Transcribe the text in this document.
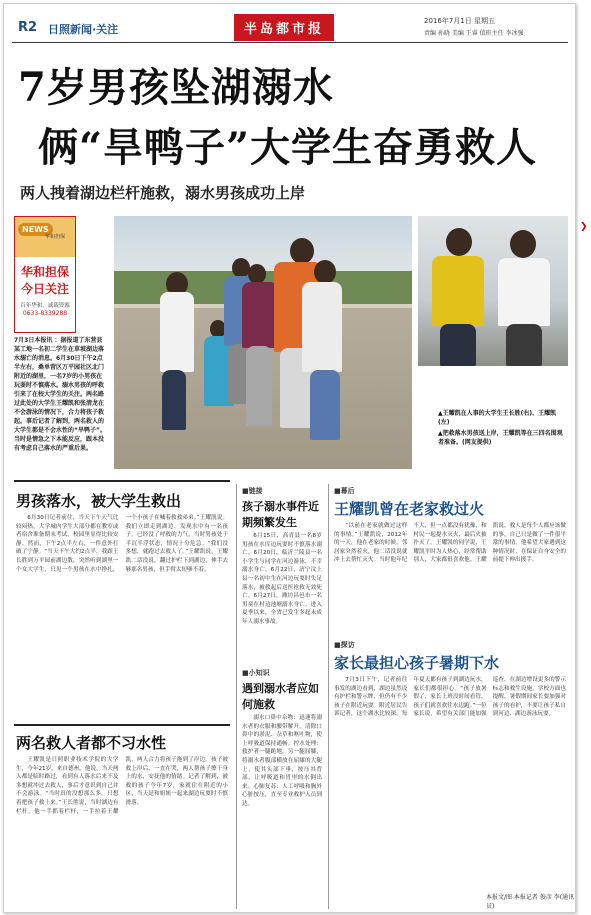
R2 日照新闻·关注	半岛都市报
2016年7月1日 星期五
责编 孙晓 美编 王睿 值班主任 李冰强
7岁男孩坠湖溺水
俩“旱鸭子”大学生奋勇救人
两人拽着湖边栏杆施救，溺水男孩成功上岸
NEWS
华和担保
华和担保
今日关注
百年华和，诚载资源
0633-8339288
7月3日本报讯 ：据报道了东营县某工地一名初二学生在草坡湖边落水溺亡的消息。6月30日下午2点半左右，桑单营区万平园社区北门附近的湖里，一名7岁的小男孩在玩耍时不慎落水。溺水男孩的呼救引来了在校大学生的关注。两名路过此处的大学生王耀凯和张清龙在不会游泳的情况下，合力将孩子救起。事后记者了解到，两名救人的大学生都是不会水性的“旱鸭子”。当时是情急之下本能反应，跟本没有考虑自己落水的严重后果。
▲王耀凯在人事的大学生王长胜(右)、王耀凯(左)
▲把救落水男孩送上岸，王耀凯等在三四名围观者准备。(网友提供)
男孩落水，被大学生救出

6月30日记者前往，当天下午天气比较闷热，大学城内学生大部分都在教室或者宿舍准备期末考试，校园里显得比较安静。然而，下午2点半左右，一件意外打破了宁静。“当天下午大约2点半，我跟王长胜到万平园前湖边散，突然听到湖里一个女大学生，只见一个男孩在水中挣扎，一个小孩子在喊着救救弟弟。”王耀凯说。我们立即走到湖边，发现水中有一名孩子，已经没了呼救的力气，当时男孩处于半沉半浮状态，情况十分危急。“我们没多想，就跑过去救人了。”王耀凯说。王耀凯二话没说，翻过护栏下到湖边，伸手去够那名男孩，但手臂太短够不着。

两名救人者都不习水性

王耀凯是日照职业技术学院的大学生，今年21岁，来自德州。他说，当天两人都是临时路过，看到有人落水后来不及多想就冲过去救人，事后才意识到自己并不会游泳。“当时真的没想那么多，只想着把孩子救上来。”王长胜说，当时湖边有栏杆，他一手抓着栏杆，一手拉着王耀凯，两人合力将孩子拖到了岸边。孩子被救上岸后，一直在哭，两人帮孩子擦干身上的水，安抚他的情绪。记者了解到，被救的孩子今年7岁，家就住在附近的小区，当天是和姐姐一起来湖边玩耍时不慎滑落。

■链接
孩子溺水事件近期频繁发生

6月15日，高青县一名8岁男孩在水库边玩耍时不慎落水溺亡。6月20日，临沂兰陵县一名小学生与同学在河边游泳，不幸溺水身亡。6月22日，济宁汶上县一名初中生在河边玩耍时失足落水，被救起后送医抢救无效死亡。6月27日，潍坊昌邑市一名男童在村边池塘溺水身亡。进入夏季以来，全省已发生多起未成年人溺水事故。

■小知识
遇到溺水者应如何施救

溺水口鼻中杂物：迅速将溺水者的衣服和腰带解开，清除口鼻中的淤泥、杂草和呕吐物，使上呼吸道保持通畅。控水处理：救护者一腿跪地，另一腿屈膝，将溺水者腹部横放在屈膝的大腿上，使其头部下垂，按压其背部，让呼吸道和胃里的水倒出来。心肺复苏：人工呼吸和胸外心脏按压，直至专业救护人员到达。

■幕后
王耀凯曾在老家救过火

“以前在老家就做过这样的事情。”王耀凯说，2012年的一天，他在老家的时候，邻居家突然着火，他二话没说就冲上去帮忙灭火。当时他年纪不大，但一点都没有犹豫，和村民一起提水灭火，最后火被扑灭了。王耀凯的同学说，王耀凯平时为人热心，经常帮助别人，大家都很喜欢他。王耀凯说，救人是每个人都应该做的事，自己只是做了一件很平常的事情。他希望大家遇到这种情况时，在保证自身安全的前提下伸出援手。

■探访
家长最担心孩子暑期下水

7月3日下午，记者前往事发的湖边看到，湖边虽然设有护栏和警示牌，但仍有不少孩子在附近玩耍。附近居民告诉记者，这个湖水比较深，每年夏天都有孩子到湖边玩水，家长们都很担心。“孩子放暑假了，家长上班没时间看管，孩子们就喜欢往水边跑。”一位家长说，希望有关部门能加强巡查，在湖边增设更多的警示标志和救生设施。学校方面也提醒，暑假期间家长要加强对孩子的看护，不要让孩子私自到河边、湖边游泳玩耍。

本报文/图 本报记者 俊彦 李(通讯员)
❯
